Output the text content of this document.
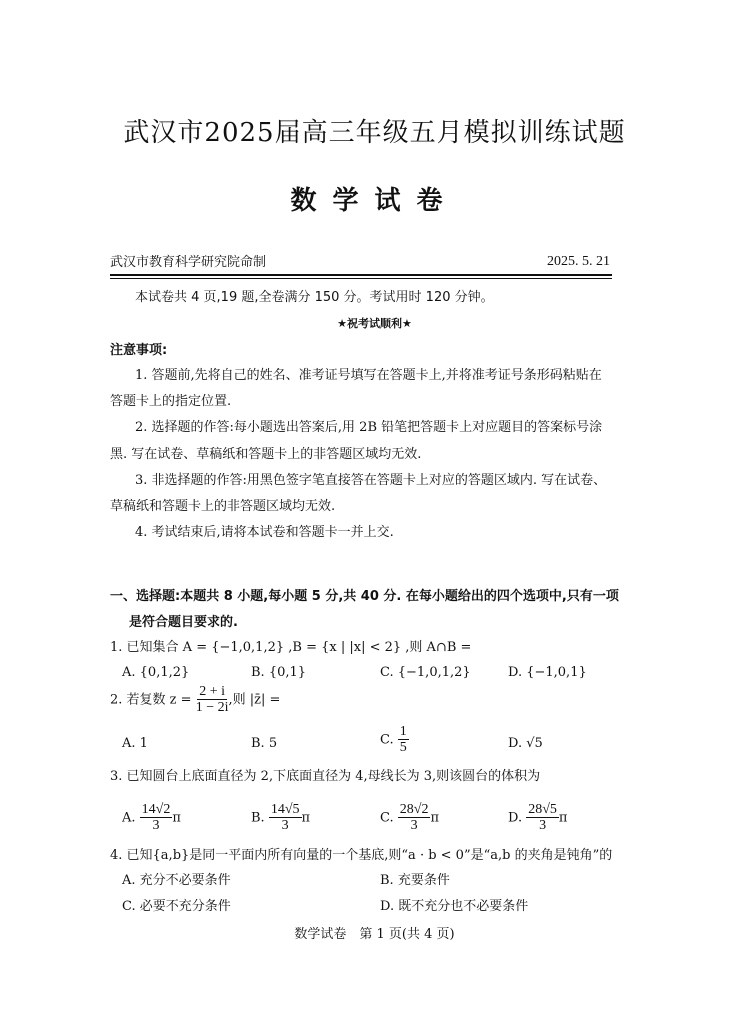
武汉市2025届高三年级五月模拟训练试题
数学试卷
武汉市教育科学研究院命制	2025. 5. 21
本试卷共 4 页,19 题,全卷满分 150 分。考试用时 120 分钟。
★祝考试顺利★
注意事项:
1. 答题前,先将自己的姓名、准考证号填写在答题卡上,并将准考证号条形码粘贴在
答题卡上的指定位置.
2. 选择题的作答:每小题选出答案后,用 2B 铅笔把答题卡上对应题目的答案标号涂
黑. 写在试卷、草稿纸和答题卡上的非答题区域均无效.
3. 非选择题的作答:用黑色签字笔直接答在答题卡上对应的答题区域内. 写在试卷、
草稿纸和答题卡上的非答题区域均无效.
4. 考试结束后,请将本试卷和答题卡一并上交.
一、选择题:本题共 8 小题,每小题 5 分,共 40 分. 在每小题给出的四个选项中,只有一项
是符合题目要求的.
1. 已知集合 A = {−1,0,1,2} ,B = {x | |x| < 2} ,则 A∩B =
A. {0,1,2}	B. {0,1}	C. {−1,0,1,2}	D. {−1,0,1}
2. 若复数 $z = \frac{2 + i}{1 - 2i}$ ,则 |z̄| =
A. 1	B. 5	C. $\frac{1}{5}$	D. √5
3. 已知圆台上底面直径为 2,下底面直径为 4,母线长为 3,则该圆台的体积为
A. $\frac{14√2}{3}$ π	B. $\frac{14√5}{3}$ π	C. $\frac{28√2}{3}$ π	D. $\frac{28√5}{3}$ π
4. 已知{a,b}是同一平面内所有向量的一个基底,则“a · b < 0”是“a,b 的夹角是钝角”的
A. 充分不必要条件	B. 充要条件
C. 必要不充分条件	D. 既不充分也不必要条件
数学试卷　第 1 页(共 4 页)
